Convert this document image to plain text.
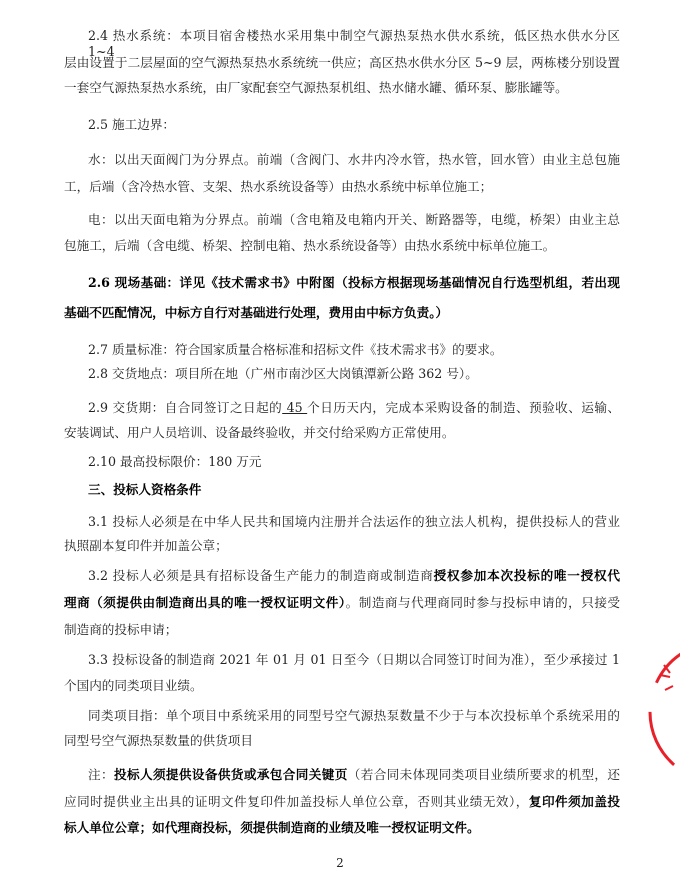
2.4 热水系统：本项目宿舍楼热水采用集中制空气源热泵热水供水系统，低区热水供水分区 1~4
层由设置于二层屋面的空气源热泵热水系统统一供应；高区热水供水分区 5~9 层，两栋楼分别设置
一套空气源热泵热水系统，由厂家配套空气源热泵机组、热水储水罐、循环泵、膨胀罐等。
2.5 施工边界：
水：以出天面阀门为分界点。前端（含阀门、水井内冷水管，热水管，回水管）由业主总包施
工，后端（含冷热水管、支架、热水系统设备等）由热水系统中标单位施工；
电：以出天面电箱为分界点。前端（含电箱及电箱内开关、断路器等，电缆，桥架）由业主总
包施工，后端（含电缆、桥架、控制电箱、热水系统设备等）由热水系统中标单位施工。
2.6 现场基础：详见《技术需求书》中附图（投标方根据现场基础情况自行选型机组，若出现
基础不匹配情况，中标方自行对基础进行处理，费用由中标方负责。）
2.7 质量标准：符合国家质量合格标准和招标文件《技术需求书》的要求。
2.8 交货地点：项目所在地（广州市南沙区大岗镇潭新公路 362 号）。
2.9 交货期：自合同签订之日起的 45 个日历天内，完成本采购设备的制造、预验收、运输、
安装调试、用户人员培训、设备最终验收，并交付给采购方正常使用。
2.10 最高投标限价：180 万元
三、投标人资格条件
3.1 投标人必须是在中华人民共和国境内注册并合法运作的独立法人机构，提供投标人的营业
执照副本复印件并加盖公章；
3.2 投标人必须是具有招标设备生产能力的制造商或制造商授权参加本次投标的唯一授权代
理商（须提供由制造商出具的唯一授权证明文件）。制造商与代理商同时参与投标申请的，只接受
制造商的投标申请；
3.3 投标设备的制造商 2021 年 01 月 01 日至今（日期以合同签订时间为准），至少承接过 1
个国内的同类项目业绩。
同类项目指：单个项目中系统采用的同型号空气源热泵数量不少于与本次投标单个系统采用的
同型号空气源热泵数量的供货项目
注：投标人须提供设备供货或承包合同关键页（若合同未体现同类项目业绩所要求的机型，还
应同时提供业主出具的证明文件复印件加盖投标人单位公章，否则其业绩无效），复印件须加盖投
标人单位公章；如代理商投标，须提供制造商的业绩及唯一授权证明文件。
2
